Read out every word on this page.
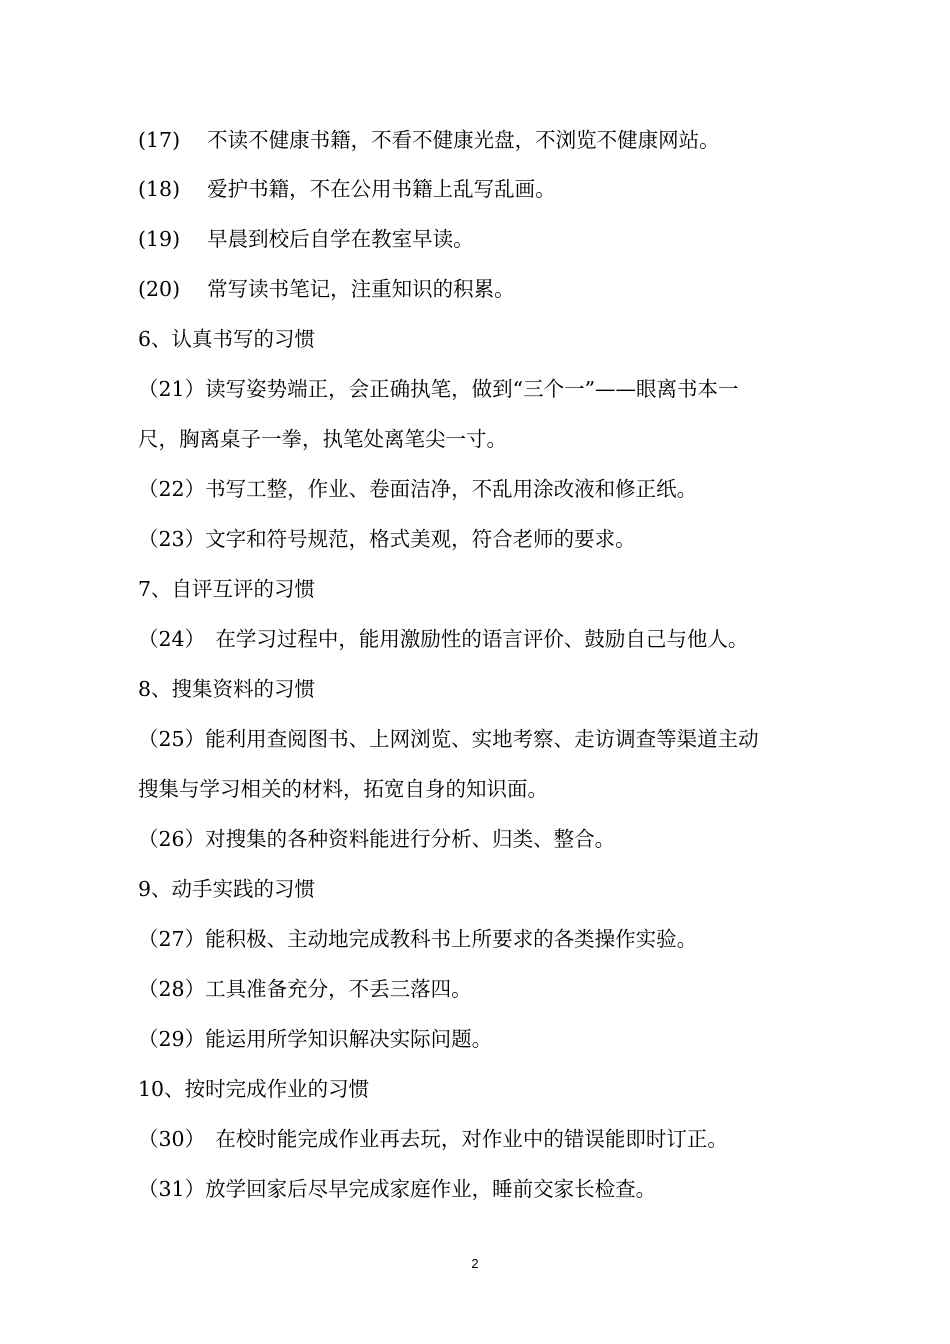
(17)　 不读不健康书籍，不看不健康光盘，不浏览不健康网站。
(18)　 爱护书籍，不在公用书籍上乱写乱画。
(19)　 早晨到校后自学在教室早读。
(20)　 常写读书笔记，注重知识的积累。
6、认真书写的习惯
（21）读写姿势端正，会正确执笔，做到“三个一”——眼离书本一
尺，胸离桌子一拳，执笔处离笔尖一寸。
（22）书写工整，作业、卷面洁净，不乱用涂改液和修正纸。
（23）文字和符号规范，格式美观，符合老师的要求。
7、自评互评的习惯
（24）　在学习过程中，能用激励性的语言评价、鼓励自己与他人。
8、搜集资料的习惯
（25）能利用查阅图书、上网浏览、实地考察、走访调查等渠道主动
搜集与学习相关的材料，拓宽自身的知识面。
（26）对搜集的各种资料能进行分析、归类、整合。
9、动手实践的习惯
（27）能积极、主动地完成教科书上所要求的各类操作实验。
（28）工具准备充分，不丢三落四。
（29）能运用所学知识解决实际问题。
10、按时完成作业的习惯
（30）　在校时能完成作业再去玩，对作业中的错误能即时订正。
（31）放学回家后尽早完成家庭作业，睡前交家长检查。
2
